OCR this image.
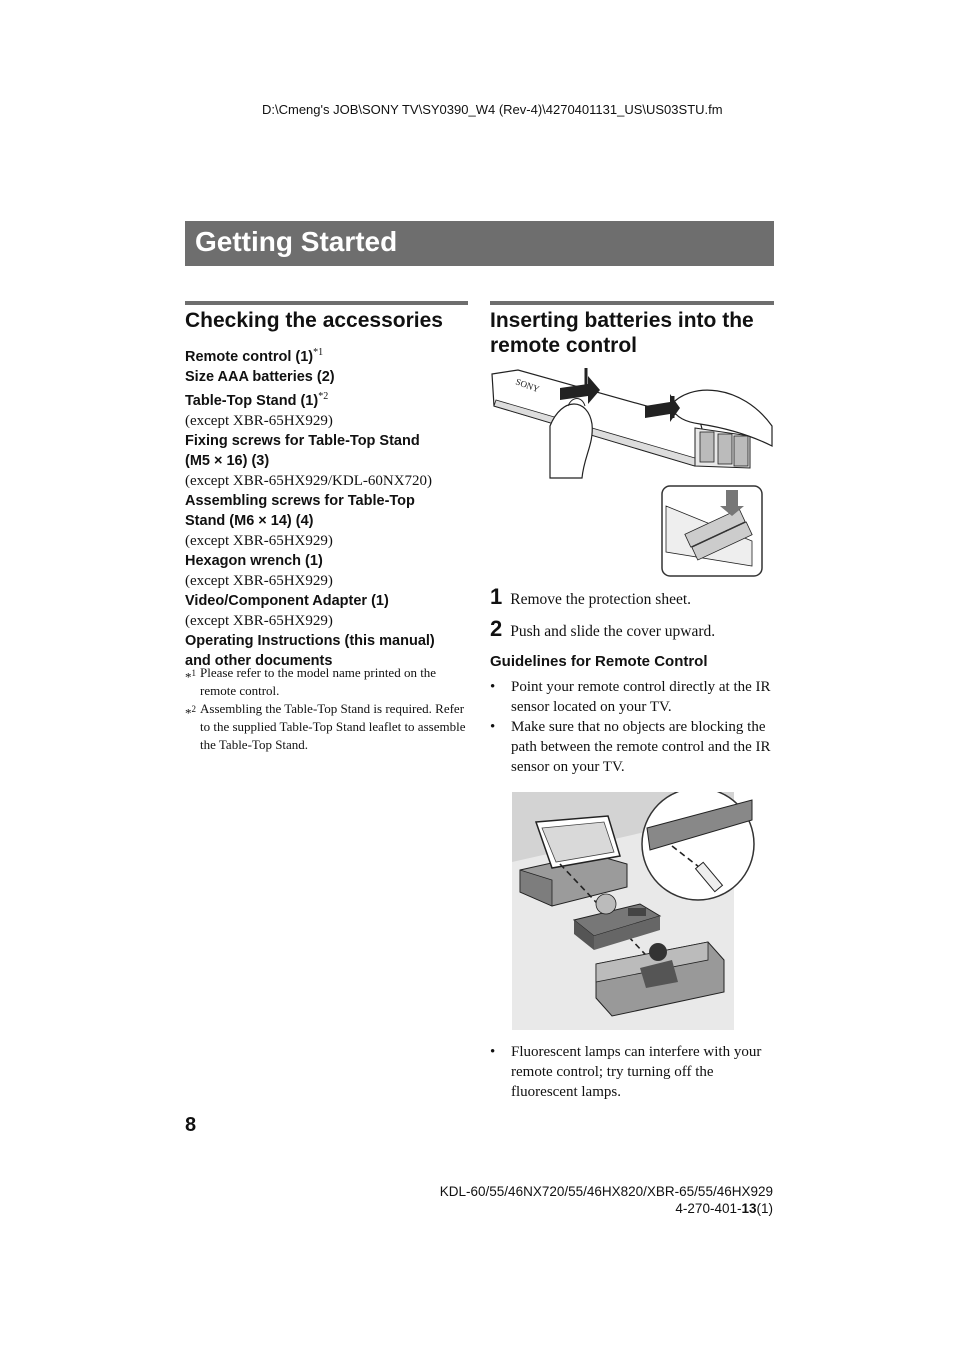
D:\Cmeng's JOB\SONY TV\SY0390_W4 (Rev-4)\4270401131_US\US03STU.fm
Getting Started
Checking the accessories
Remote control $(1)^{*1}$
Size AAA batteries (2)
Table-Top Stand $(1)^{*2}$
(except XBR-65HX929)
Fixing screws for Table-Top Stand
(M5 × 16) (3)
(except XBR-65HX929/KDL-60NX720)
Assembling screws for Table-Top
Stand (M6 × 14) (4)
(except XBR-65HX929)
Hexagon wrench (1)
(except XBR-65HX929)
Video/Component Adapter (1)
(except XBR-65HX929)
Operating Instructions (this manual)
and other documents
*$^1$ Please refer to the model name printed on the remote control.
*$^2$ Assembling the Table-Top Stand is required. Refer to the supplied Table-Top Stand leaflet to assemble the Table-Top Stand.
Inserting batteries into the
remote control
SONY
1 Remove the protection sheet.
2 Push and slide the cover upward.
Guidelines for Remote Control
• Point your remote control directly at the IR sensor located on your TV.
• Make sure that no objects are blocking the path between the remote control and the IR sensor on your TV.
• Fluorescent lamps can interfere with your remote control; try turning off the fluorescent lamps.
8
KDL-60/55/46NX720/55/46HX820/XBR-65/55/46HX929
4-270-401-13(1)
